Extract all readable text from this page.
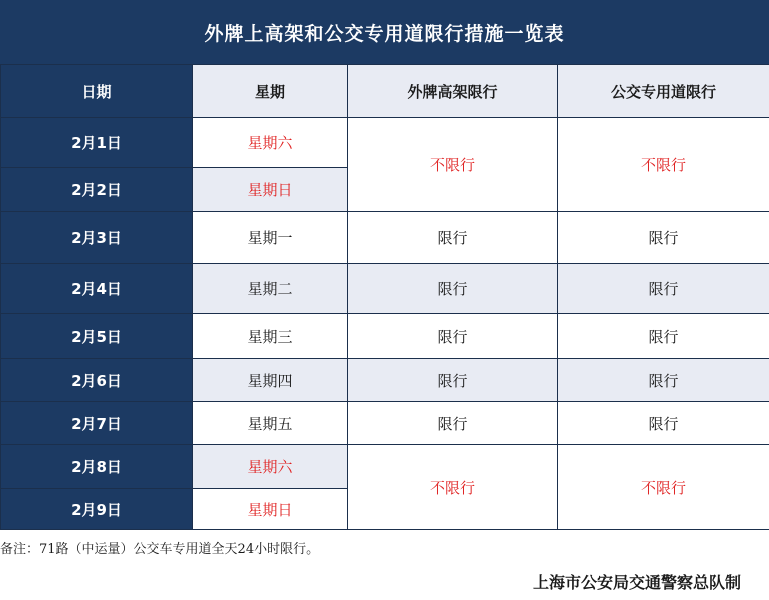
外牌上高架和公交专用道限行措施一览表
日期	星期	外牌高架限行	公交专用道限行
2月1日	星期六	不限行	不限行
2月2日	星期日		
2月3日	星期一	限行	限行
2月4日	星期二	限行	限行
2月5日	星期三	限行	限行
2月6日	星期四	限行	限行
2月7日	星期五	限行	限行
2月8日	星期六	不限行	不限行
2月9日	星期日		
备注：71路（中运量）公交车专用道全天24小时限行。
上海市公安局交通警察总队制
